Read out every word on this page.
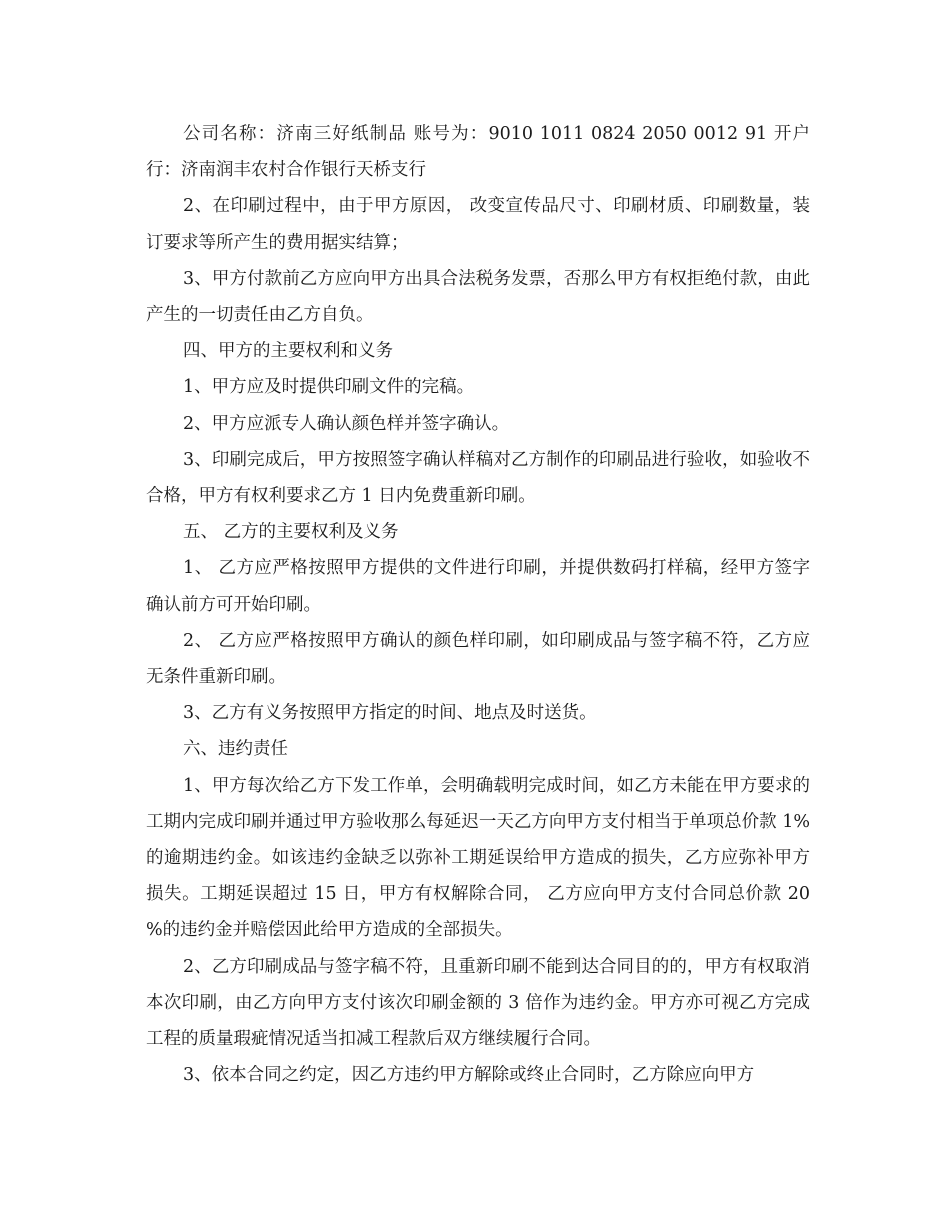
公司名称：济南三好纸制品 账号为：9010 1011 0824 2050 0012 91 开户行：济南润丰农村合作银行天桥支行

2、在印刷过程中，由于甲方原因， 改变宣传品尺寸、印刷材质、印刷数量，装订要求等所产生的费用据实结算；

3、甲方付款前乙方应向甲方出具合法税务发票，否那么甲方有权拒绝付款，由此产生的一切责任由乙方自负。

四、甲方的主要权利和义务

1、甲方应及时提供印刷文件的完稿。

2、甲方应派专人确认颜色样并签字确认。

3、印刷完成后，甲方按照签字确认样稿对乙方制作的印刷品进行验收，如验收不合格，甲方有权利要求乙方 1 日内免费重新印刷。

五、 乙方的主要权利及义务

1、 乙方应严格按照甲方提供的文件进行印刷，并提供数码打样稿，经甲方签字确认前方可开始印刷。

2、 乙方应严格按照甲方确认的颜色样印刷，如印刷成品与签字稿不符，乙方应无条件重新印刷。

3、乙方有义务按照甲方指定的时间、地点及时送货。

六、违约责任

1、甲方每次给乙方下发工作单，会明确载明完成时间，如乙方未能在甲方要求的工期内完成印刷并通过甲方验收那么每延迟一天乙方向甲方支付相当于单项总价款 1%的逾期违约金。如该违约金缺乏以弥补工期延误给甲方造成的损失，乙方应弥补甲方损失。工期延误超过 15 日，甲方有权解除合同， 乙方应向甲方支付合同总价款 20 %的违约金并赔偿因此给甲方造成的全部损失。

2、乙方印刷成品与签字稿不符，且重新印刷不能到达合同目的的，甲方有权取消本次印刷，由乙方向甲方支付该次印刷金额的 3 倍作为违约金。甲方亦可视乙方完成工程的质量瑕疵情况适当扣减工程款后双方继续履行合同。

3、依本合同之约定，因乙方违约甲方解除或终止合同时，乙方除应向甲方
